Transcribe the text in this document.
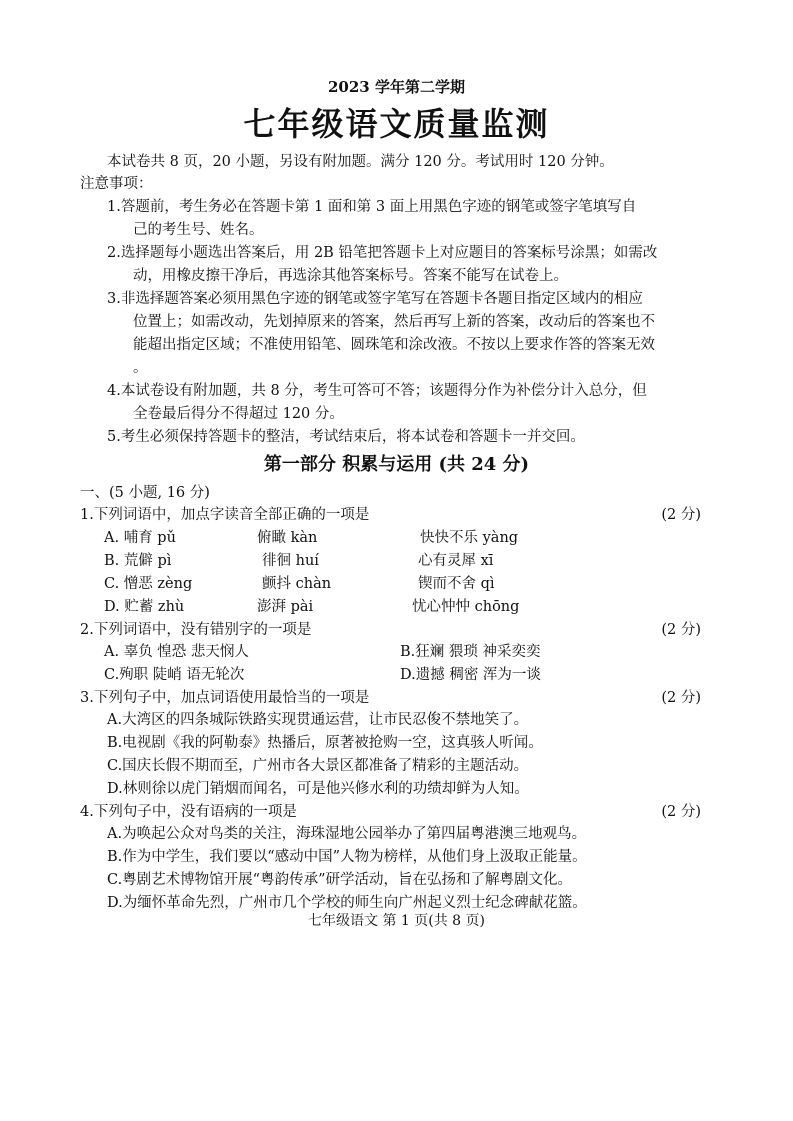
2023 学年第二学期
七年级语文质量监测
本试卷共 8 页，20 小题，另设有附加题。满分 120 分。考试用时 120 分钟。
注意事项：
1.答题前，考生务必在答题卡第 1 面和第 3 面上用黑色字迹的钢笔或签字笔填写自
己的考生号、姓名。
2.选择题每小题选出答案后，用 2B 铅笔把答题卡上对应题目的答案标号涂黑；如需改
动，用橡皮擦干净后，再选涂其他答案标号。答案不能写在试卷上。
3.非选择题答案必须用黑色字迹的钢笔或签字笔写在答题卡各题目指定区域内的相应
位置上；如需改动，先划掉原来的答案，然后再写上新的答案，改动后的答案也不
能超出指定区域；不准使用铅笔、圆珠笔和涂改液。不按以上要求作答的答案无效
。
4.本试卷设有附加题，共 8 分，考生可答可不答；该题得分作为补偿分计入总分，但
全卷最后得分不得超过 120 分。
5.考生必须保持答题卡的整洁，考试结束后，将本试卷和答题卡一并交回。
第一部分 积累与运用 (共 24 分)
一、(5 小题, 16 分)
1.下列词语中，加点字读音全部正确的一项是	(2 分)
A. 哺育 pǔ	俯瞰 kàn	快快不乐 yàng
B. 荒僻 pì	徘徊 huí	心有灵犀 xī
C. 憎恶 zèng	颤抖 chàn	锲而不舍 qì
D. 贮蓄 zhù	澎湃 pài	忧心忡忡 chōng
2.下列词语中，没有错别字的一项是	(2 分)
A. 辜负 惶恐 悲天悯人	B.狂斓 猥琐 神采奕奕
C.殉职 陡峭 语无轮次	D.遗撼 稠密 浑为一谈
3.下列句子中，加点词语使用最恰当的一项是	(2 分)
A.大湾区的四条城际铁路实现贯通运营，让市民忍俊不禁地笑了。
B.电视剧《我的阿勒泰》热播后，原著被抢购一空，这真骇人听闻。
C.国庆长假不期而至，广州市各大景区都准备了精彩的主题活动。
D.林则徐以虎门销烟而闻名，可是他兴修水利的功绩却鲜为人知。
4.下列句子中，没有语病的一项是	(2 分)
A.为唤起公众对鸟类的关注，海珠湿地公园举办了第四届粤港澳三地观鸟。
B.作为中学生，我们要以“感动中国”人物为榜样，从他们身上汲取正能量。
C.粤剧艺术博物馆开展“粤韵传承”研学活动，旨在弘扬和了解粤剧文化。
D.为缅怀革命先烈，广州市几个学校的师生向广州起义烈士纪念碑献花篮。
七年级语文 第 1 页(共 8 页)
